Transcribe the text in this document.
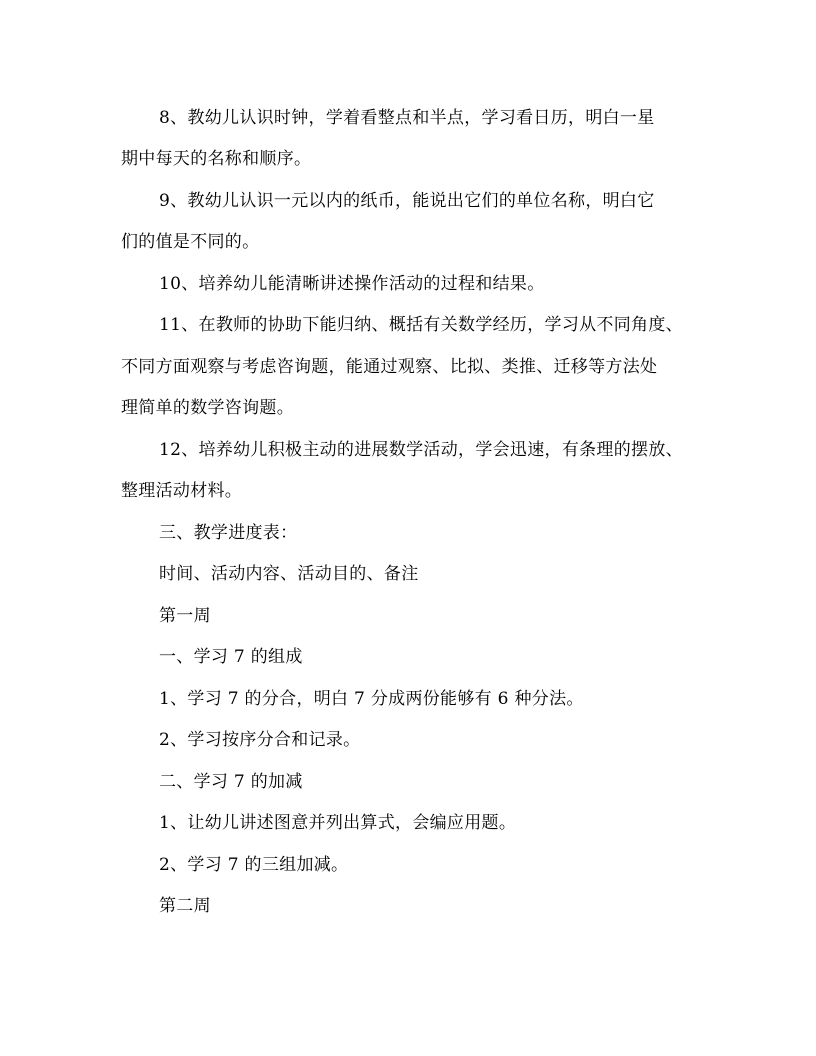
8、教幼儿认识时钟，学着看整点和半点，学习看日历，明白一星
期中每天的名称和顺序。
9、教幼儿认识一元以内的纸币，能说出它们的单位名称，明白它
们的值是不同的。
10、培养幼儿能清晰讲述操作活动的过程和结果。
11、在教师的协助下能归纳、概括有关数学经历，学习从不同角度、
不同方面观察与考虑咨询题，能通过观察、比拟、类推、迁移等方法处
理简单的数学咨询题。
12、培养幼儿积极主动的进展数学活动，学会迅速，有条理的摆放、
整理活动材料。
三、教学进度表：
时间、活动内容、活动目的、备注
第一周
一、学习 7 的组成
1、学习 7 的分合，明白 7 分成两份能够有 6 种分法。
2、学习按序分合和记录。
二、学习 7 的加减
1、让幼儿讲述图意并列出算式，会编应用题。
2、学习 7 的三组加减。
第二周
